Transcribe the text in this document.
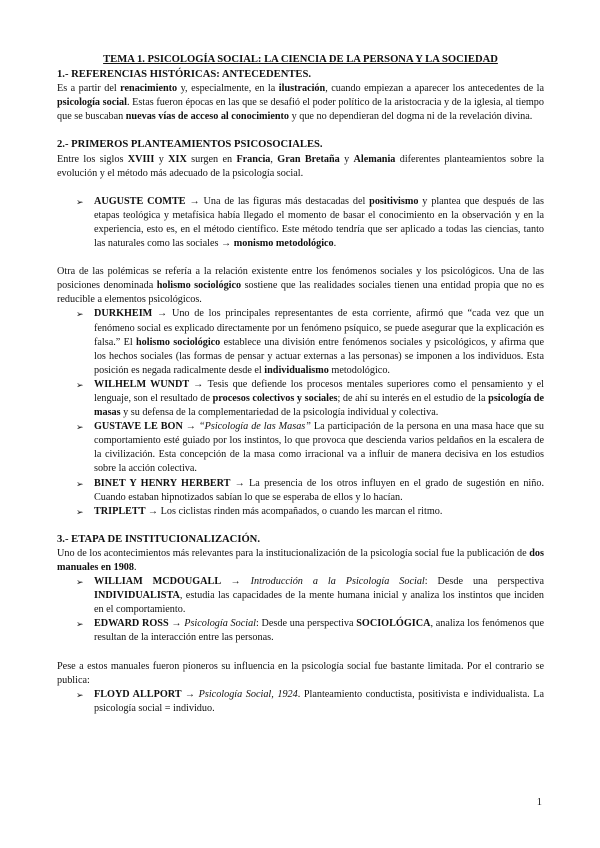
TEMA 1. PSICOLOGÍA SOCIAL: LA CIENCIA DE LA PERSONA Y LA SOCIEDAD
1.- REFERENCIAS HISTÓRICAS: ANTECEDENTES.

Es a partir del renacimiento y, especialmente, en la ilustración, cuando empiezan a aparecer los antecedentes de la psicología social. Estas fueron épocas en las que se desafió el poder político de la aristocracia y de la iglesia, al tiempo que se buscaban nuevas vías de acceso al conocimiento y que no dependieran del dogma ni de la revelación divina.

2.- PRIMEROS PLANTEAMIENTOS PSICOSOCIALES.

Entre los siglos XVIII y XIX surgen en Francia, Gran Bretaña y Alemania diferentes planteamientos sobre la evolución y el método más adecuado de la psicología social.

➢ AUGUSTE COMTE → Una de las figuras más destacadas del positivismo y plantea que después de las etapas teológica y metafísica había llegado el momento de basar el conocimiento en la observación y en la experiencia, esto es, en el método científico. Este método tendría que ser aplicado a todas las ciencias, tanto las naturales como las sociales → monismo metodológico.

Otra de las polémicas se refería a la relación existente entre los fenómenos sociales y los psicológicos. Una de las posiciones denominada holismo sociológico sostiene que las realidades sociales tienen una entidad propia que no es reducible a elementos psicológicos.

➢ DURKHEIM → Uno de los principales representantes de esta corriente, afirmó que “cada vez que un fenómeno social es explicado directamente por un fenómeno psíquico, se puede asegurar que la explicación es falsa.” El holismo sociológico establece una división entre fenómenos sociales y psicológicos, y afirma que los hechos sociales (las formas de pensar y actuar externas a las personas) se imponen a los individuos. Esta posición es negada radicalmente desde el individualismo metodológico.
➢ WILHELM WUNDT → Tesis que defiende los procesos mentales superiores como el pensamiento y el lenguaje, son el resultado de procesos colectivos y sociales; de ahí su interés en el estudio de la psicología de masas y su defensa de la complementariedad de la psicología individual y colectiva.
➢ GUSTAVE LE BON → “Psicología de las Masas” La participación de la persona en una masa hace que su comportamiento esté guiado por los instintos, lo que provoca que descienda varios peldaños en la escalera de la civilización. Esta concepción de la masa como irracional va a influir de manera decisiva en los estudios sobre la acción colectiva.
➢ BINET Y HENRY HERBERT → La presencia de los otros influyen en el grado de sugestión en niño. Cuando estaban hipnotizados sabían lo que se esperaba de ellos y lo hacían.
➢ TRIPLETT → Los ciclistas rinden más acompañados, o cuando les marcan el ritmo.
3.- ETAPA DE INSTITUCIONALIZACIÓN.

Uno de los acontecimientos más relevantes para la institucionalización de la psicología social fue la publicación de dos manuales en 1908.

➢ WILLIAM MCDOUGALL → Introducción a la Psicología Social: Desde una perspectiva INDIVIDUALISTA, estudia las capacidades de la mente humana inicial y analiza los instintos que inciden en el comportamiento.
➢ EDWARD ROSS → Psicología Social: Desde una perspectiva SOCIOLÓGICA, analiza los fenómenos que resultan de la interacción entre las personas.

Pese a estos manuales fueron pioneros su influencia en la psicología social fue bastante limitada. Por el contrario se publica:

➢ FLOYD ALLPORT → Psicología Social, 1924. Planteamiento conductista, positivista e individualista. La psicología social = individuo.
1
